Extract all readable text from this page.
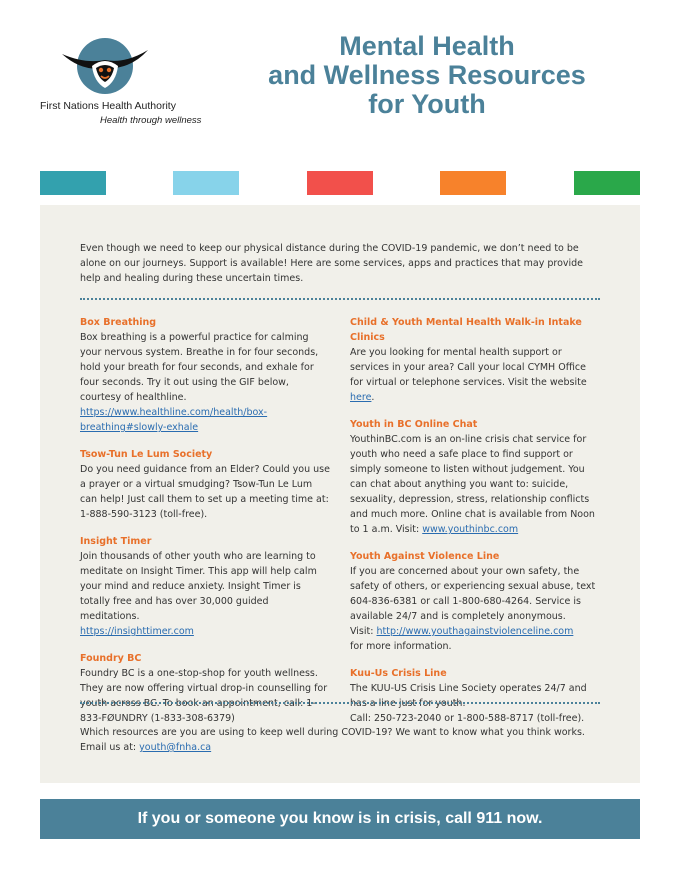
First Nations Health Authority
Health through wellness
Mental Health
and Wellness Resources
for Youth

Even though we need to keep our physical distance during the COVID-19 pandemic, we don’t need to be alone on our journeys. Support is available! Here are some services, apps and practices that may provide help and healing during these uncertain times.

Box Breathing
Box breathing is a powerful practice for calming your nervous system. Breathe in for four seconds, hold your breath for four seconds, and exhale for four seconds. Try it out using the GIF below, courtesy of healthline.
https://www.healthline.com/health/box-breathing#slowly-exhale

Tsow-Tun Le Lum Society
Do you need guidance from an Elder? Could you use a prayer or a virtual smudging? Tsow-Tun Le Lum can help! Just call them to set up a meeting time at: 1-888-590-3123 (toll-free).

Insight Timer
Join thousands of other youth who are learning to meditate on Insight Timer. This app will help calm your mind and reduce anxiety. Insight Timer is totally free and has over 30,000 guided meditations.
https://insighttimer.com

Foundry BC
Foundry BC is a one-stop-shop for youth wellness. They are now offering virtual drop-in counselling for youth across BC. To book an appointment, call: 1-833-FØUNDRY (1-833-308-6379)

Child & Youth Mental Health Walk-in Intake Clinics
Are you looking for mental health support or services in your area? Call your local CYMH Office for virtual or telephone services. Visit the website here.

Youth in BC Online Chat
YouthinBC.com is an on-line crisis chat service for youth who need a safe place to find support or simply someone to listen without judgement. You can chat about anything you want to: suicide, sexuality, depression, stress, relationship conflicts and much more. Online chat is available from Noon to 1 a.m. Visit: www.youthinbc.com

Youth Against Violence Line
If you are concerned about your own safety, the safety of others, or experiencing sexual abuse, text 604-836-6381 or call 1-800-680-4264. Service is available 24/7 and is completely anonymous.
Visit: http://www.youthagainstviolenceline.com
for more information.

Kuu-Us Crisis Line
The KUU-US Crisis Line Society operates 24/7 and has a line just for youth.
Call: 250-723-2040 or 1-800-588-8717 (toll-free).

Which resources are you are using to keep well during COVID-19? We want to know what you think works. Email us at: youth@fnha.ca

If you or someone you know is in crisis, call 911 now.
